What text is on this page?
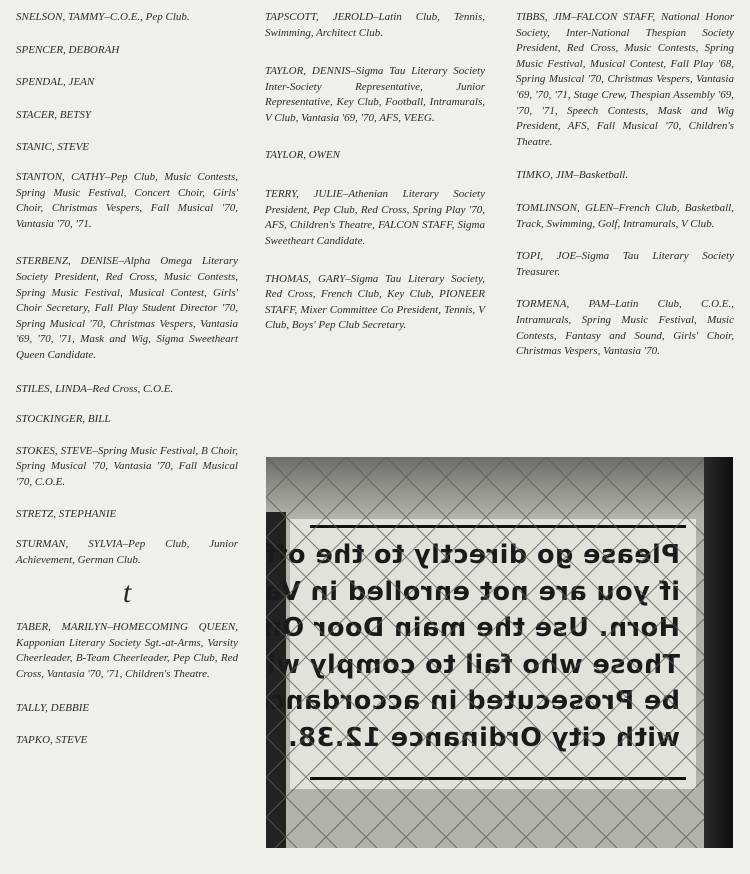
SNELSON, TAMMY–C.O.E., Pep Club.

SPENCER, DEBORAH

SPENDAL, JEAN

STACER, BETSY

STANIC, STEVE

STANTON, CATHY–Pep Club, Music Contests, Spring Music Festival, Concert Choir, Girls' Choir, Christmas Vespers, Fall Musical '70, Vantasia '70, '71.

STERBENZ, DENISE–Alpha Omega Literary Society President, Red Cross, Music Contests, Spring Music Festival, Musical Contest, Girls' Choir Secretary, Fall Play Student Director '70, Spring Musical '70, Christmas Vespers, Vantasia '69, '70, '71, Mask and Wig, Sigma Sweetheart Queen Candidate.

STILES, LINDA–Red Cross, C.O.E.

STOCKINGER, BILL

STOKES, STEVE–Spring Music Festival, B Choir, Spring Musical '70, Vantasia '70, Fall Musical '70, C.O.E.

STRETZ, STEPHANIE

STURMAN, SYLVIA–Pep Club, Junior Achievement, German Club.

t

TABER, MARILYN–HOMECOMING QUEEN, Kapponian Literary Society Sgt.-at-Arms, Varsity Cheerleader, B-Team Cheerleader, Pep Club, Red Cross, Vantasia '70, '71, Children's Theatre.

TALLY, DEBBIE

TAPKO, STEVE

TAPSCOTT, JEROLD–Latin Club, Tennis, Swimming, Architect Club.

TAYLOR, DENNIS–Sigma Tau Literary Society Inter-Society Representative, Junior Representative, Key Club, Football, Intramurals, V Club, Vantasia '69, '70, AFS, VEEG.

TAYLOR, OWEN

TERRY, JULIE–Athenian Literary Society President, Pep Club, Red Cross, Spring Play '70, AFS, Children's Theatre, FALCON STAFF, Sigma Sweetheart Candidate.

THOMAS, GARY–Sigma Tau Literary Society, Red Cross, French Club, Key Club, PIONEER STAFF, Mixer Committee Co President, Tennis, V Club, Boys' Pep Club Secretary.

TIBBS, JIM–FALCON STAFF, National Honor Society, Inter-National Thespian Society President, Red Cross, Music Contests, Spring Music Festival, Musical Contest, Fall Play '68, Spring Musical '70, Christmas Vespers, Vantasia '69, '70, '71, Stage Crew, Thespian Assembly '69, '70, '71, Speech Contests, Mask and Wig President, AFS, Fall Musical '70, Children's Theatre.

TIMKO, JIM–Basketball.

TOMLINSON, GLEN–French Club, Basketball, Track, Swimming, Golf, Intramurals, V Club.

TOPI, JOE–Sigma Tau Literary Society Treasurer.

TORMENA, PAM–Latin Club, C.O.E., Intramurals, Spring Music Festival, Music Contests, Fantasy and Sound, Girls' Choir, Christmas Vespers, Vantasia '70.
